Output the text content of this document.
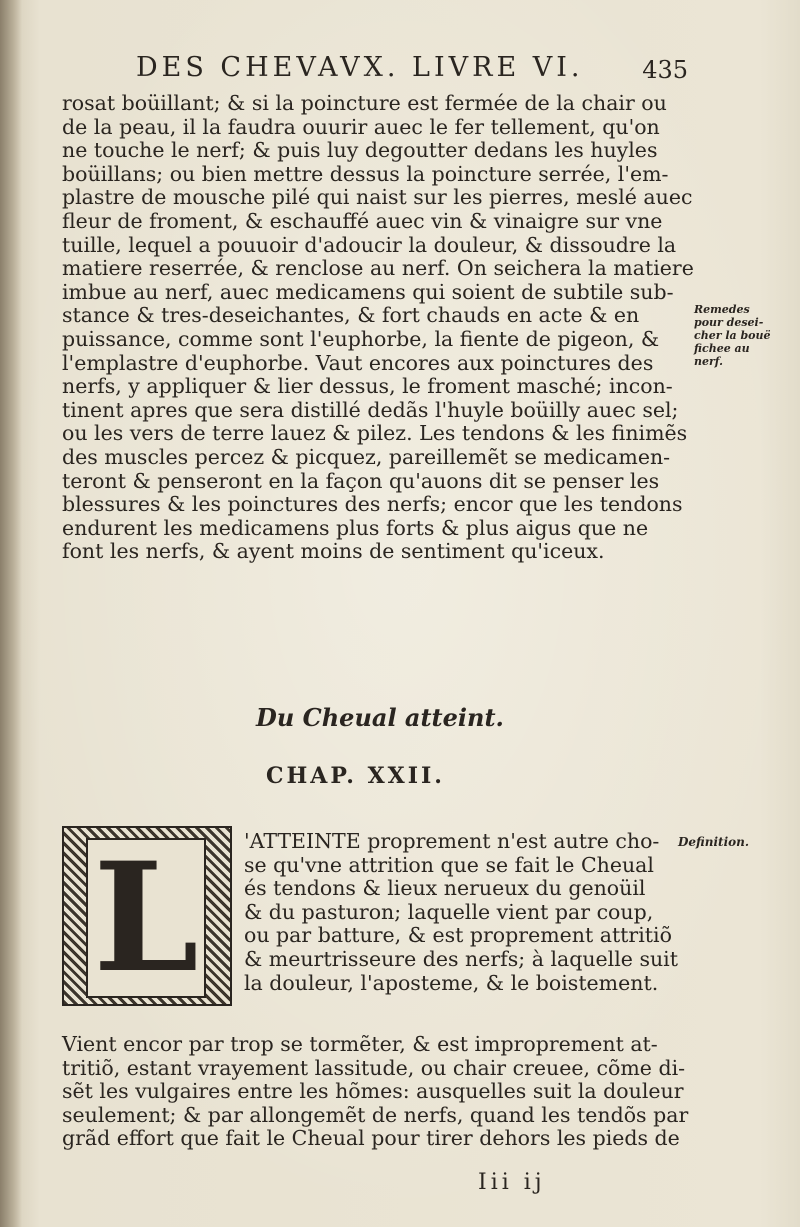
DES CHEVAVX. LIVRE VI. 435
rosat boüillant; & si la poincture est fermée de la chair ou
de la peau, il la faudra ouurir auec le fer tellement, qu'on
ne touche le nerf; & puis luy degoutter dedans les huyles
boüillans; ou bien mettre dessus la poincture serrée, l'em-
plastre de mousche pilé qui naist sur les pierres, meslé auec
fleur de froment, & eschauffé auec vin & vinaigre sur vne
tuille, lequel a pouuoir d'adoucir la douleur, & dissoudre la
matiere reserrée, & renclose au nerf. On seichera la matiere
imbue au nerf, auec medicamens qui soient de subtile sub-
stance & tres-deseichantes, & fort chauds en acte & en
puissance, comme sont l'euphorbe, la fiente de pigeon, &
l'emplastre d'euphorbe. Vaut encores aux poinctures des
nerfs, y appliquer & lier dessus, le froment masché; incon-
tinent apres que sera distillé dedãs l'huyle boüilly auec sel;
ou les vers de terre lauez & pilez. Les tendons & les finimẽs
des muscles percez & picquez, pareillemẽt se medicamen-
teront & penseront en la façon qu'auons dit se penser les
blessures & les poinctures des nerfs; encor que les tendons
endurent les medicamens plus forts & plus aigus que ne
font les nerfs, & ayent moins de sentiment qu'iceux.
Remedes
pour desei-
cher la bouë
fichee au
nerf.
Du Cheual atteint.
CHAP. XXII.
L	'ATTEINTE proprement n'est autre cho-
se qu'vne attrition que se fait le Cheual
és tendons & lieux nerueux du genoüil
& du pasturon; laquelle vient par coup,
ou par batture, & est proprement attritiõ
& meurtrisseure des nerfs; à laquelle suit
la douleur, l'aposteme, & le boistement.
Definition.
Vient encor par trop se tormẽter, & est improprement at-
tritiõ, estant vrayement lassitude, ou chair creuee, cõme di-
sẽt les vulgaires entre les hõmes: ausquelles suit la douleur
seulement; & par allongemẽt de nerfs, quand les tendõs par
grãd effort que fait le Cheual pour tirer dehors les pieds de
Iii ij
